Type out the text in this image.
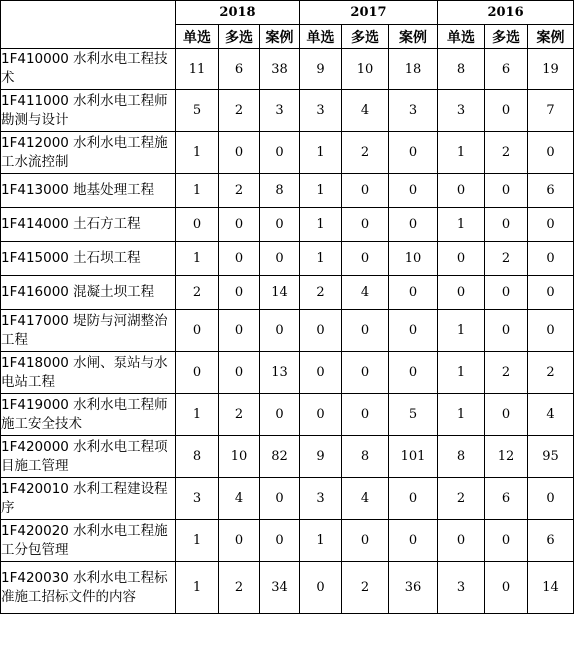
	2018			2017			2016		
	单选	多选	案例	单选	多选	案例	单选	多选	案例
1F410000 水利水电工程技术	11	6	38	9	10	18	8	6	19
1F411000 水利水电工程师勘测与设计	5	2	3	3	4	3	3	0	7
1F412000 水利水电工程施工水流控制	1	0	0	1	2	0	1	2	0
1F413000 地基处理工程	1	2	8	1	0	0	0	0	6
1F414000 土石方工程	0	0	0	1	0	0	1	0	0
1F415000 土石坝工程	1	0	0	1	0	10	0	2	0
1F416000 混凝土坝工程	2	0	14	2	4	0	0	0	0
1F417000 堤防与河湖整治工程	0	0	0	0	0	0	1	0	0
1F418000 水闸、泵站与水电站工程	0	0	13	0	0	0	1	2	2
1F419000 水利水电工程师施工安全技术	1	2	0	0	0	5	1	0	4
1F420000 水利水电工程项目施工管理	8	10	82	9	8	101	8	12	95
1F420010 水利工程建设程序	3	4	0	3	4	0	2	6	0
1F420020 水利水电工程施工分包管理	1	0	0	1	0	0	0	0	6
1F420030 水利水电工程标准施工招标文件的内容	1	2	34	0	2	36	3	0	14
